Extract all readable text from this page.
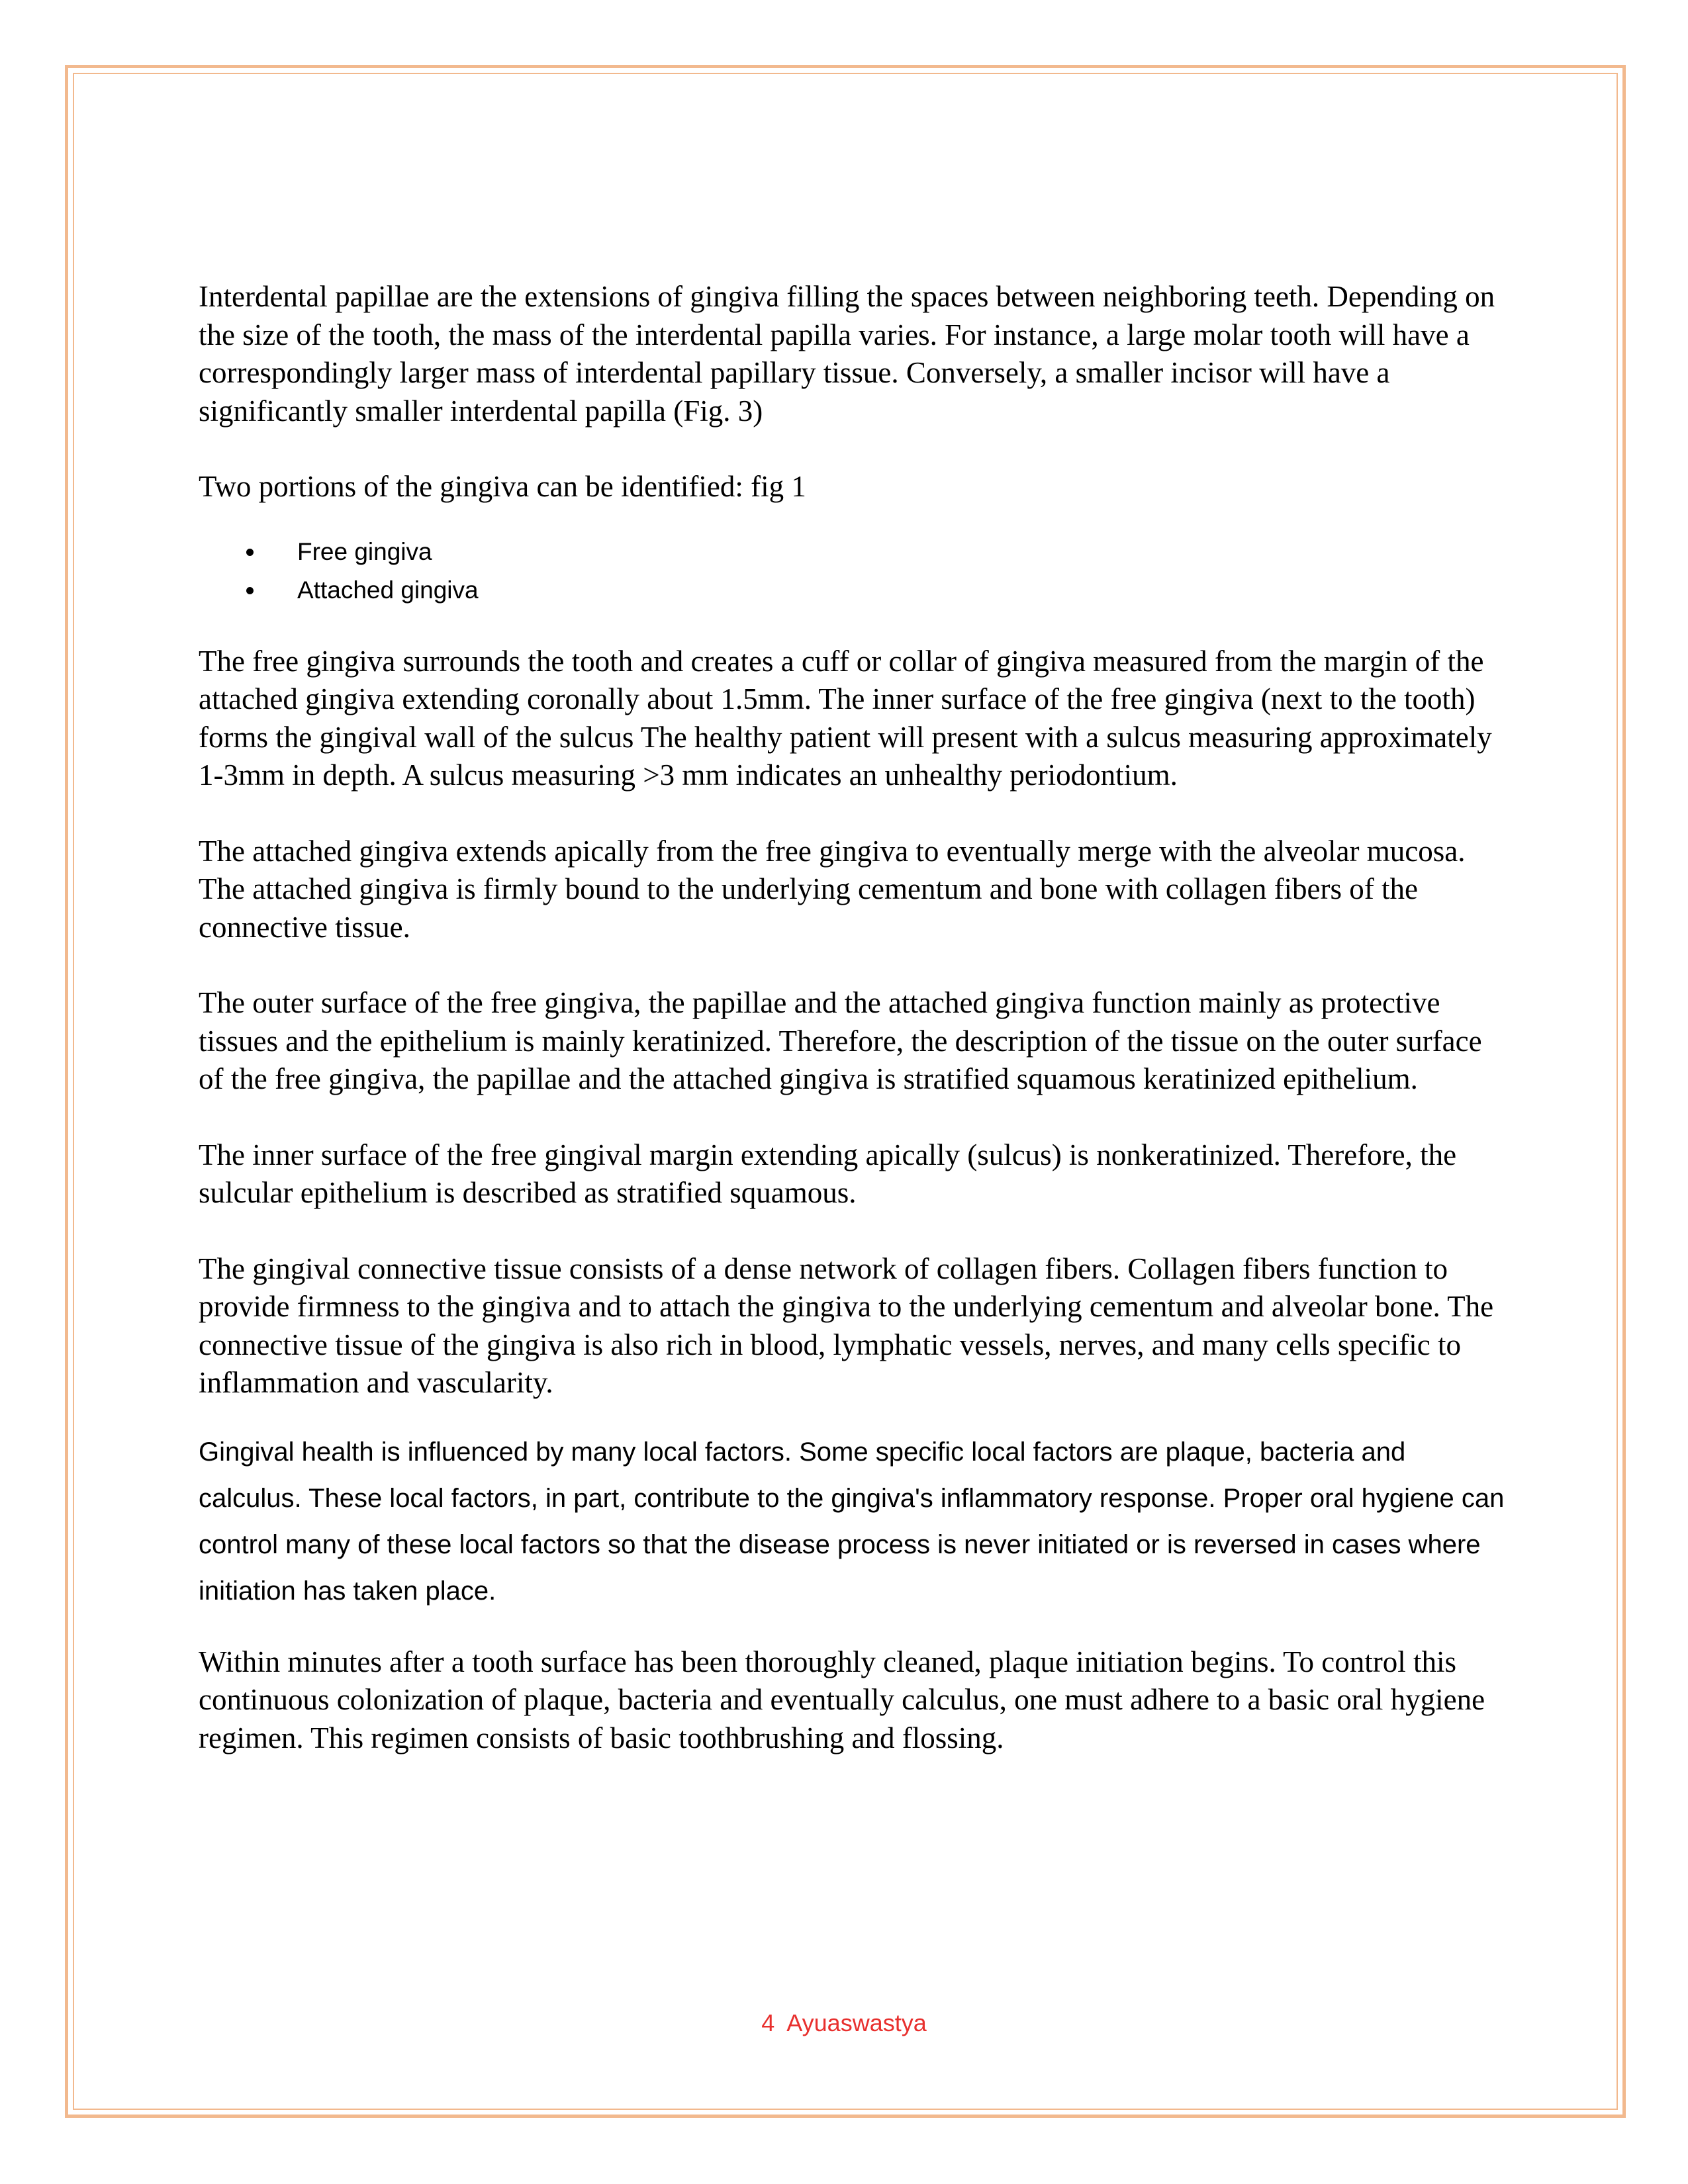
Interdental papillae are the extensions of gingiva filling the spaces between neighboring teeth. Depending on the size of the tooth, the mass of the interdental papilla varies. For instance, a large molar tooth will have a correspondingly larger mass of interdental papillary tissue. Conversely, a smaller incisor will have a significantly smaller interdental papilla (Fig. 3)

Two portions of the gingiva can be identified: fig 1

Free gingiva
Attached gingiva

The free gingiva surrounds the tooth and creates a cuff or collar of gingiva measured from the margin of the attached gingiva extending coronally about 1.5mm. The inner surface of the free gingiva (next to the tooth) forms the gingival wall of the sulcus The healthy patient will present with a sulcus measuring approximately 1-3mm in depth. A sulcus measuring >3 mm indicates an unhealthy periodontium.

The attached gingiva extends apically from the free gingiva to eventually merge with the alveolar mucosa. The attached gingiva is firmly bound to the underlying cementum and bone with collagen fibers of the connective tissue.

The outer surface of the free gingiva, the papillae and the attached gingiva function mainly as protective tissues and the epithelium is mainly keratinized. Therefore, the description of the tissue on the outer surface of the free gingiva, the papillae and the attached gingiva is stratified squamous keratinized epithelium.

The inner surface of the free gingival margin extending apically (sulcus) is nonkeratinized. Therefore, the sulcular epithelium is described as stratified squamous.

The gingival connective tissue consists of a dense network of collagen fibers. Collagen fibers function to provide firmness to the gingiva and to attach the gingiva to the underlying cementum and alveolar bone. The connective tissue of the gingiva is also rich in blood, lymphatic vessels, nerves, and many cells specific to inflammation and vascularity.

Gingival health is influenced by many local factors. Some specific local factors are plaque, bacteria and calculus. These local factors, in part, contribute to the gingiva's inflammatory response. Proper oral hygiene can control many of these local factors so that the disease process is never initiated or is reversed in cases where initiation has taken place.

Within minutes after a tooth surface has been thoroughly cleaned, plaque initiation begins. To control this continuous colonization of plaque, bacteria and eventually calculus, one must adhere to a basic oral hygiene regimen. This regimen consists of basic toothbrushing and flossing.

4 Ayuaswastya
